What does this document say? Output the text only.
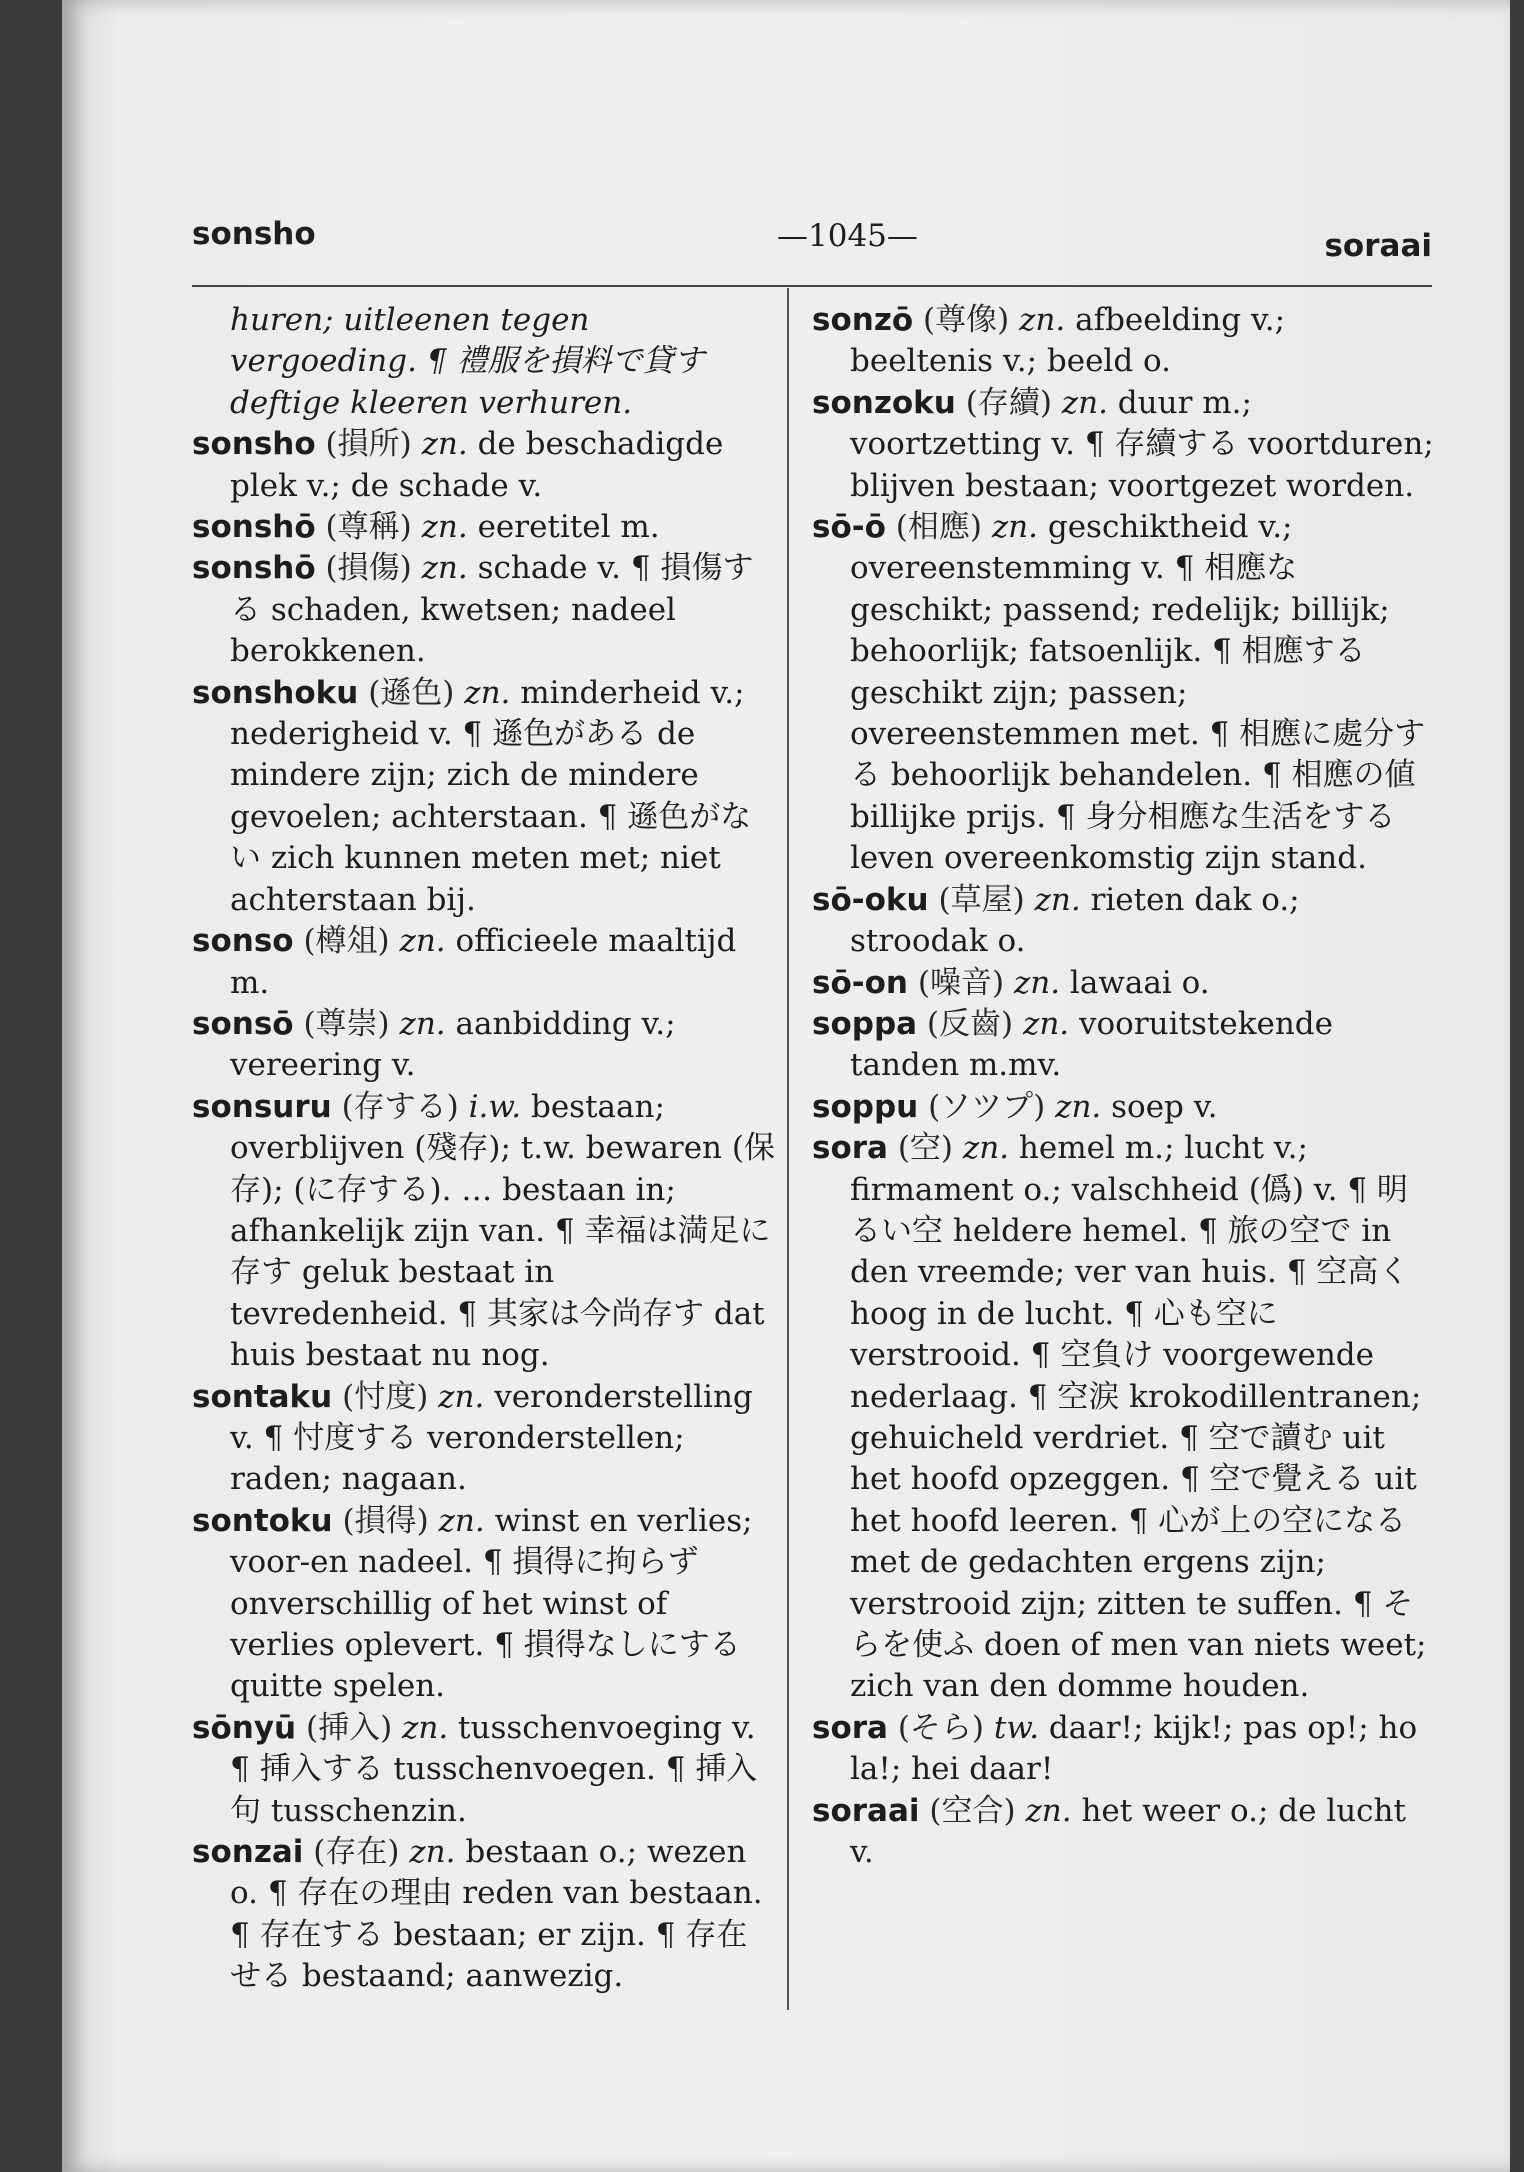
sonsho	—1045—	soraai

huren; uitleenen tegen vergoeding. ¶ 禮服を損料で貸す deftige kleeren verhuren.

sonsho (損所) zn. de beschadigde plek v.; de schade v.

sonshō (尊稱) zn. eeretitel m.

sonshō (損傷) zn. schade v. ¶ 損傷する schaden, kwetsen; nadeel berokkenen.

sonshoku (遜色) zn. minderheid v.; nederigheid v. ¶ 遜色がある de mindere zijn; zich de mindere gevoelen; achterstaan. ¶ 遜色がない zich kunnen meten met; niet achterstaan bij.

sonso (樽俎) zn. officieele maaltijd m.

sonsō (尊崇) zn. aanbidding v.; vereering v.

sonsuru (存する) i.w. bestaan; overblijven (殘存); t.w. bewaren (保存); (に存する). … bestaan in; afhankelijk zijn van. ¶ 幸福は満足に存す geluk bestaat in tevredenheid. ¶ 其家は今尚存す dat huis bestaat nu nog.

sontaku (忖度) zn. veronderstelling v. ¶ 忖度する veronderstellen; raden; nagaan.

sontoku (損得) zn. winst en verlies; voor-en nadeel. ¶ 損得に拘らず onverschillig of het winst of verlies oplevert. ¶ 損得なしにする quitte spelen.

sōnyū (挿入) zn. tusschenvoeging v. ¶ 挿入する tusschenvoegen. ¶ 挿入句 tusschenzin.

sonzai (存在) zn. bestaan o.; wezen o. ¶ 存在の理由 reden van bestaan. ¶ 存在する bestaan; er zijn. ¶ 存在せる bestaand; aanwezig.

sonzō (尊像) zn. afbeelding v.; beeltenis v.; beeld o.

sonzoku (存續) zn. duur m.; voortzetting v. ¶ 存續する voortduren; blijven bestaan; voortgezet worden.

sō-ō (相應) zn. geschiktheid v.; overeenstemming v. ¶ 相應な geschikt; passend; redelijk; billijk; behoorlijk; fatsoenlijk. ¶ 相應する geschikt zijn; passen; overeenstemmen met. ¶ 相應に處分する behoorlijk behandelen. ¶ 相應の値 billijke prijs. ¶ 身分相應な生活をする leven overeenkomstig zijn stand.

sō-oku (草屋) zn. rieten dak o.; stroodak o.

sō-on (噪音) zn. lawaai o.

soppa (反齒) zn. vooruitstekende tanden m.mv.

soppu (ソツプ) zn. soep v.

sora (空) zn. hemel m.; lucht v.; firmament o.; valschheid (僞) v. ¶ 明るい空 heldere hemel. ¶ 旅の空で in den vreemde; ver van huis. ¶ 空高く hoog in de lucht. ¶ 心も空に verstrooid. ¶ 空負け voorgewende nederlaag. ¶ 空涙 krokodillentranen; gehuicheld verdriet. ¶ 空で讀む uit het hoofd opzeggen. ¶ 空で覺える uit het hoofd leeren. ¶ 心が上の空になる met de gedachten ergens zijn; verstrooid zijn; zitten te suffen. ¶ そらを使ふ doen of men van niets weet; zich van den domme houden.

sora (そら) tw. daar!; kijk!; pas op!; ho la!; hei daar!

soraai (空合) zn. het weer o.; de lucht v.
